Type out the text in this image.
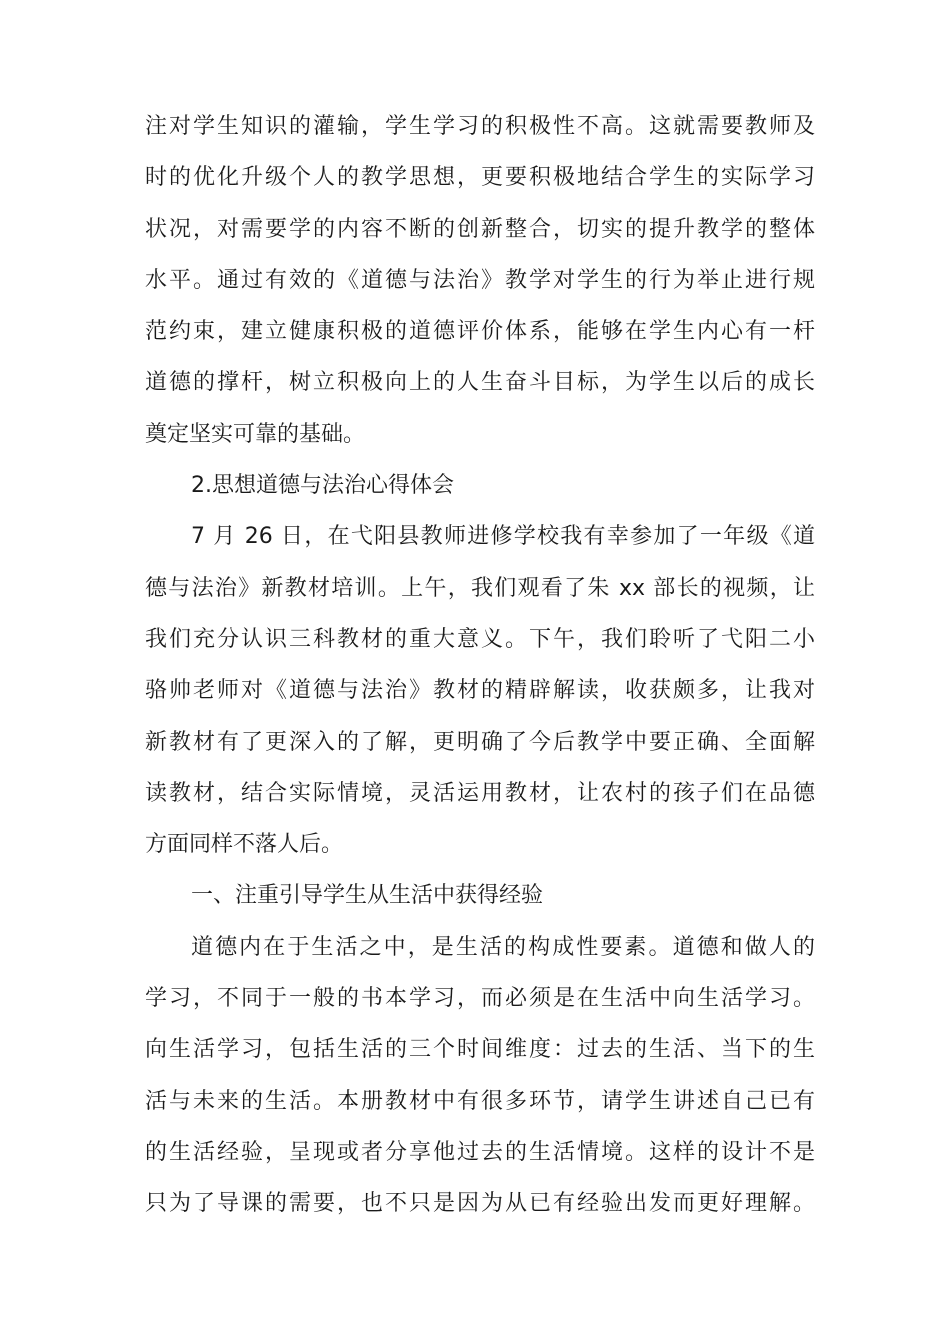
注对学生知识的灌输，学生学习的积极性不高。这就需要教师及
时的优化升级个人的教学思想，更要积极地结合学生的实际学习
状况，对需要学的内容不断的创新整合，切实的提升教学的整体
水平。通过有效的《道德与法治》教学对学生的行为举止进行规
范约束，建立健康积极的道德评价体系，能够在学生内心有一杆
道德的撑杆，树立积极向上的人生奋斗目标，为学生以后的成长
奠定坚实可靠的基础。
2.思想道德与法治心得体会
7 月 26 日，在弋阳县教师进修学校我有幸参加了一年级《道
德与法治》新教材培训。上午，我们观看了朱 xx 部长的视频，让
我们充分认识三科教材的重大意义。下午，我们聆听了弋阳二小
骆帅老师对《道德与法治》教材的精辟解读，收获颇多，让我对
新教材有了更深入的了解，更明确了今后教学中要正确、全面解
读教材，结合实际情境，灵活运用教材，让农村的孩子们在品德
方面同样不落人后。
一、注重引导学生从生活中获得经验
道德内在于生活之中，是生活的构成性要素。道德和做人的
学习，不同于一般的书本学习，而必须是在生活中向生活学习。
向生活学习，包括生活的三个时间维度：过去的生活、当下的生
活与未来的生活。本册教材中有很多环节，请学生讲述自己已有
的生活经验，呈现或者分享他过去的生活情境。这样的设计不是
只为了导课的需要，也不只是因为从已有经验出发而更好理解。
